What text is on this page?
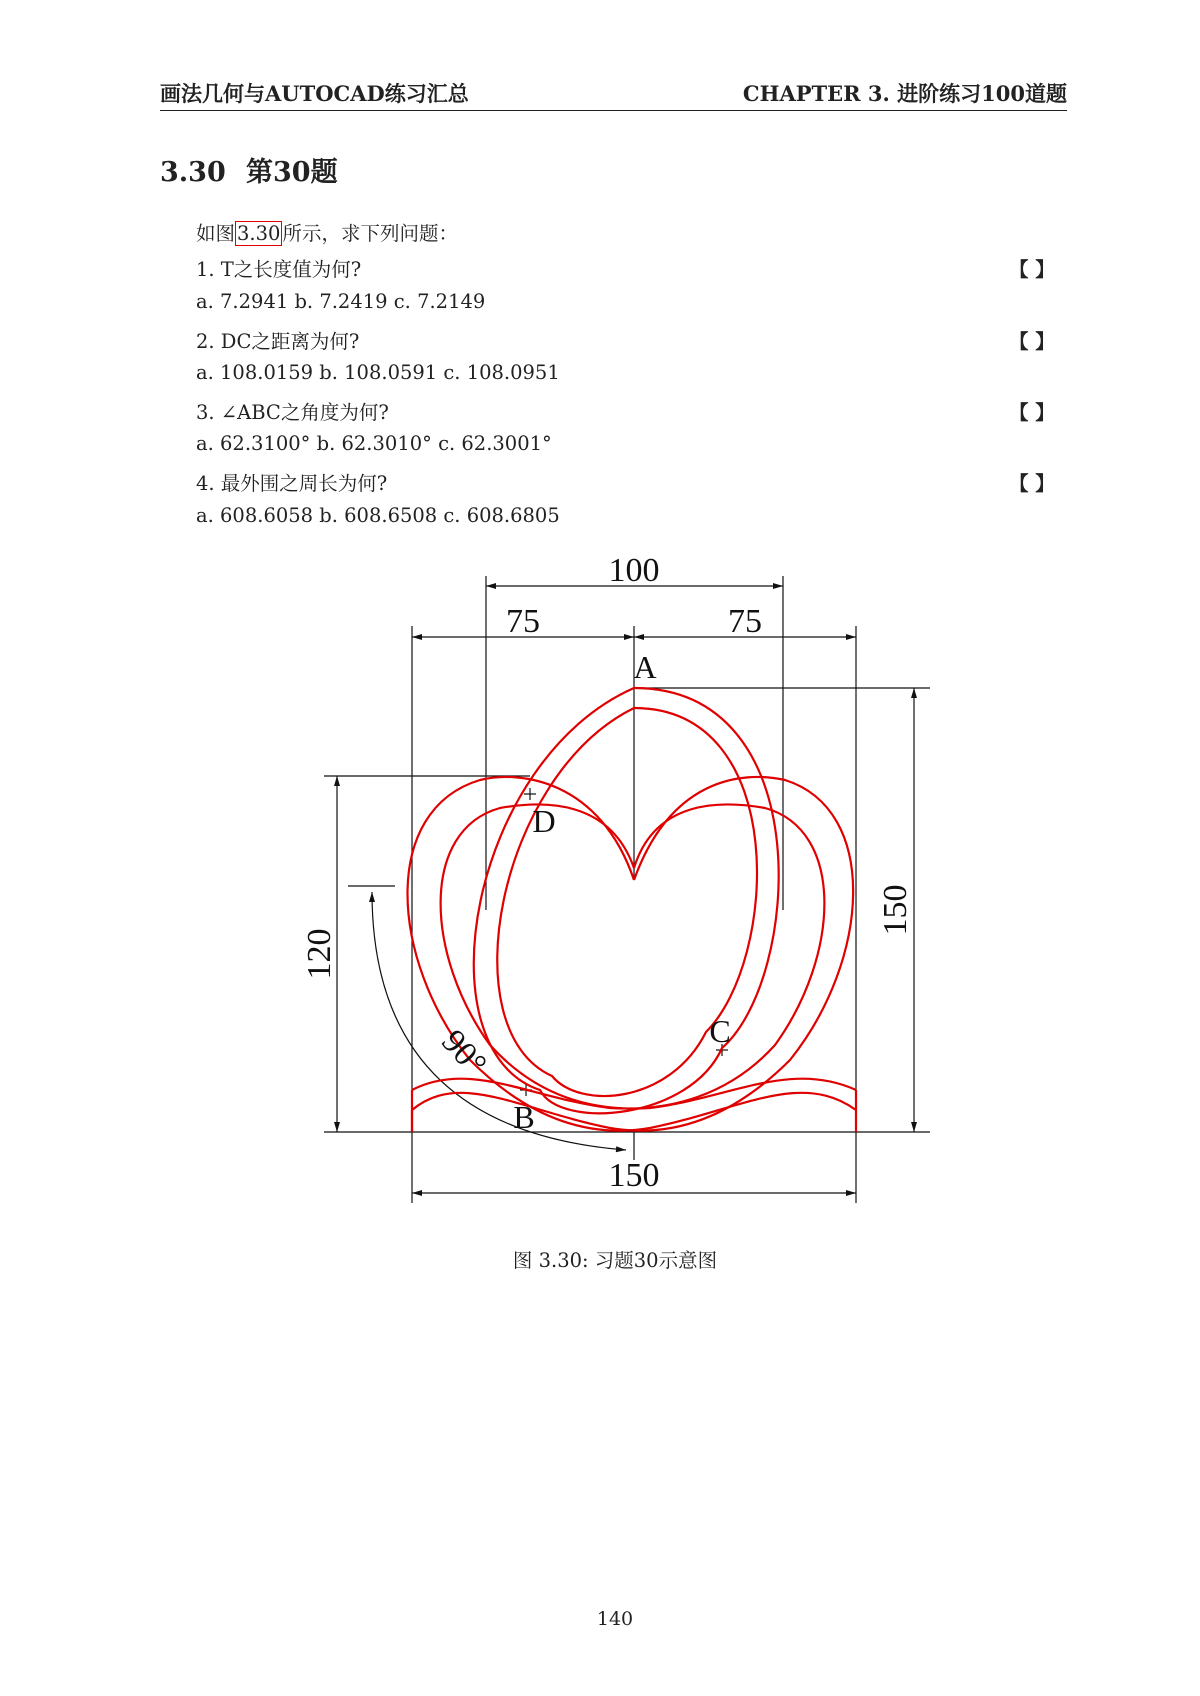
画法几何与AUTOCAD练习汇总	CHAPTER 3. 进阶练习100道题
3.30 第30题
如图 3.30 所示，求下列问题：
1. T之长度值为何?	【 】
a. 7.2941 b. 7.2419 c. 7.2149
2. DC之距离为何?	【 】
a. 108.0159 b. 108.0591 c. 108.0951
3. ∠ABC之角度为何?	【 】
a. 62.3100° b. 62.3010° c. 62.3001°
4. 最外围之周长为何?	【 】
a. 608.6058 b. 608.6508 c. 608.6805
100
75	75
120
150
150
90°
A
B
C
D
图 3.30: 习题30示意图
140
